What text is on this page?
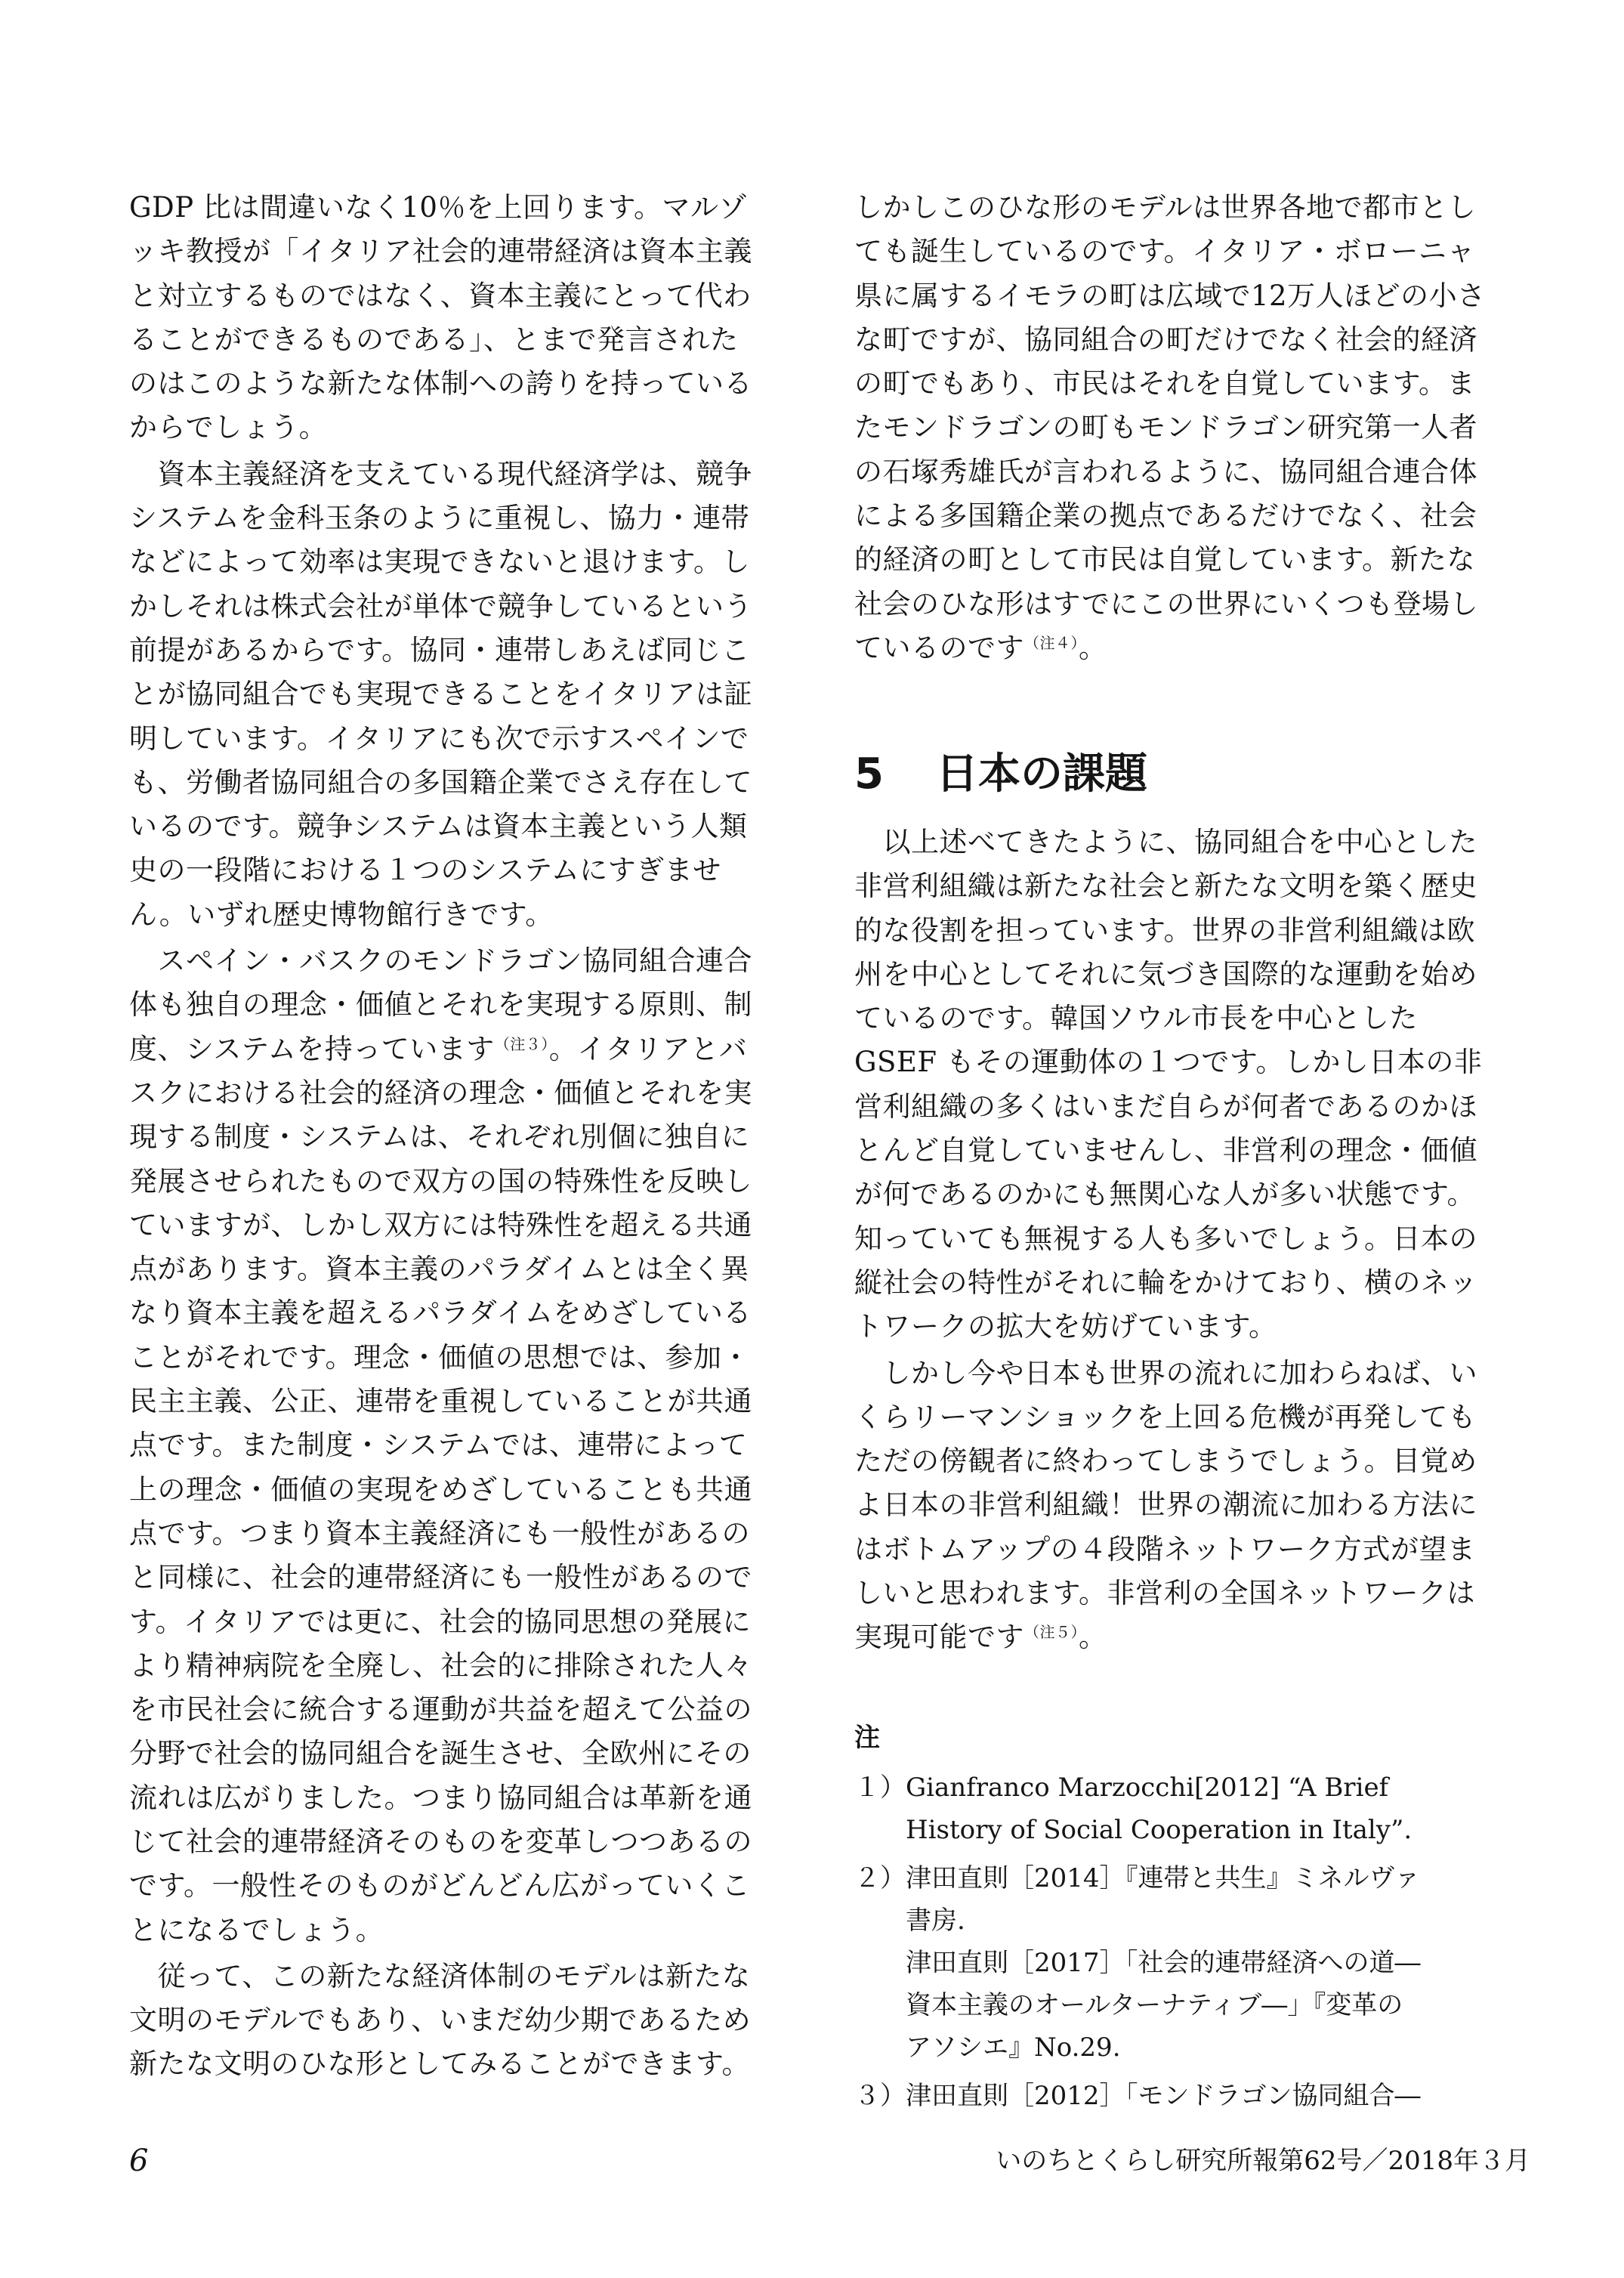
GDP 比は間違いなく10％を上回ります。マルゾ
ッキ教授が「イタリア社会的連帯経済は資本主義
と対立するものではなく、資本主義にとって代わ
ることができるものである」、とまで発言された
のはこのような新たな体制への誇りを持っている
からでしょう。
　資本主義経済を支えている現代経済学は、競争
システムを金科玉条のように重視し、協力・連帯
などによって効率は実現できないと退けます。し
かしそれは株式会社が単体で競争しているという
前提があるからです。協同・連帯しあえば同じこ
とが協同組合でも実現できることをイタリアは証
明しています。イタリアにも次で示すスペインで
も、労働者協同組合の多国籍企業でさえ存在して
いるのです。競争システムは資本主義という人類
史の一段階における１つのシステムにすぎませ
ん。いずれ歴史博物館行きです。
　スペイン・バスクのモンドラゴン協同組合連合
体も独自の理念・価値とそれを実現する原則、制
度、システムを持っています$^{(注3)}$。イタリアとバ
スクにおける社会的経済の理念・価値とそれを実
現する制度・システムは、それぞれ別個に独自に
発展させられたもので双方の国の特殊性を反映し
ていますが、しかし双方には特殊性を超える共通
点があります。資本主義のパラダイムとは全く異
なり資本主義を超えるパラダイムをめざしている
ことがそれです。理念・価値の思想では、参加・
民主主義、公正、連帯を重視していることが共通
点です。また制度・システムでは、連帯によって
上の理念・価値の実現をめざしていることも共通
点です。つまり資本主義経済にも一般性があるの
と同様に、社会的連帯経済にも一般性があるので
す。イタリアでは更に、社会的協同思想の発展に
より精神病院を全廃し、社会的に排除された人々
を市民社会に統合する運動が共益を超えて公益の
分野で社会的協同組合を誕生させ、全欧州にその
流れは広がりました。つまり協同組合は革新を通
じて社会的連帯経済そのものを変革しつつあるの
です。一般性そのものがどんどん広がっていくこ
とになるでしょう。
　従って、この新たな経済体制のモデルは新たな
文明のモデルでもあり、いまだ幼少期であるため
新たな文明のひな形としてみることができます。
しかしこのひな形のモデルは世界各地で都市とし
ても誕生しているのです。イタリア・ボローニャ
県に属するイモラの町は広域で12万人ほどの小さ
な町ですが、協同組合の町だけでなく社会的経済
の町でもあり、市民はそれを自覚しています。ま
たモンドラゴンの町もモンドラゴン研究第一人者
の石塚秀雄氏が言われるように、協同組合連合体
による多国籍企業の拠点であるだけでなく、社会
的経済の町として市民は自覚しています。新たな
社会のひな形はすでにこの世界にいくつも登場し
ているのです$^{(注4)}$。
5 日本の課題
　以上述べてきたように、協同組合を中心とした
非営利組織は新たな社会と新たな文明を築く歴史
的な役割を担っています。世界の非営利組織は欧
州を中心としてそれに気づき国際的な運動を始め
ているのです。韓国ソウル市長を中心とした
GSEF もその運動体の１つです。しかし日本の非
営利組織の多くはいまだ自らが何者であるのかほ
とんど自覚していませんし、非営利の理念・価値
が何であるのかにも無関心な人が多い状態です。
知っていても無視する人も多いでしょう。日本の
縦社会の特性がそれに輪をかけており、横のネッ
トワークの拡大を妨げています。
　しかし今や日本も世界の流れに加わらねば、い
くらリーマンショックを上回る危機が再発しても
ただの傍観者に終わってしまうでしょう。目覚め
よ日本の非営利組織！世界の潮流に加わる方法に
はボトムアップの４段階ネットワーク方式が望ま
しいと思われます。非営利の全国ネットワークは
実現可能です$^{(注5)}$。
注
１） Gianfranco Marzocchi[2012] “A Brief
History of Social Cooperation in Italy”.
２） 津田直則［2014］『連帯と共生』ミネルヴァ
書房.
津田直則［2017］「社会的連帯経済への道―
資本主義のオールターナティブ―」『変革の
アソシエ』No.29.
３） 津田直則［2012］「モンドラゴン協同組合―
6	いのちとくらし研究所報第62号／2018年３月
